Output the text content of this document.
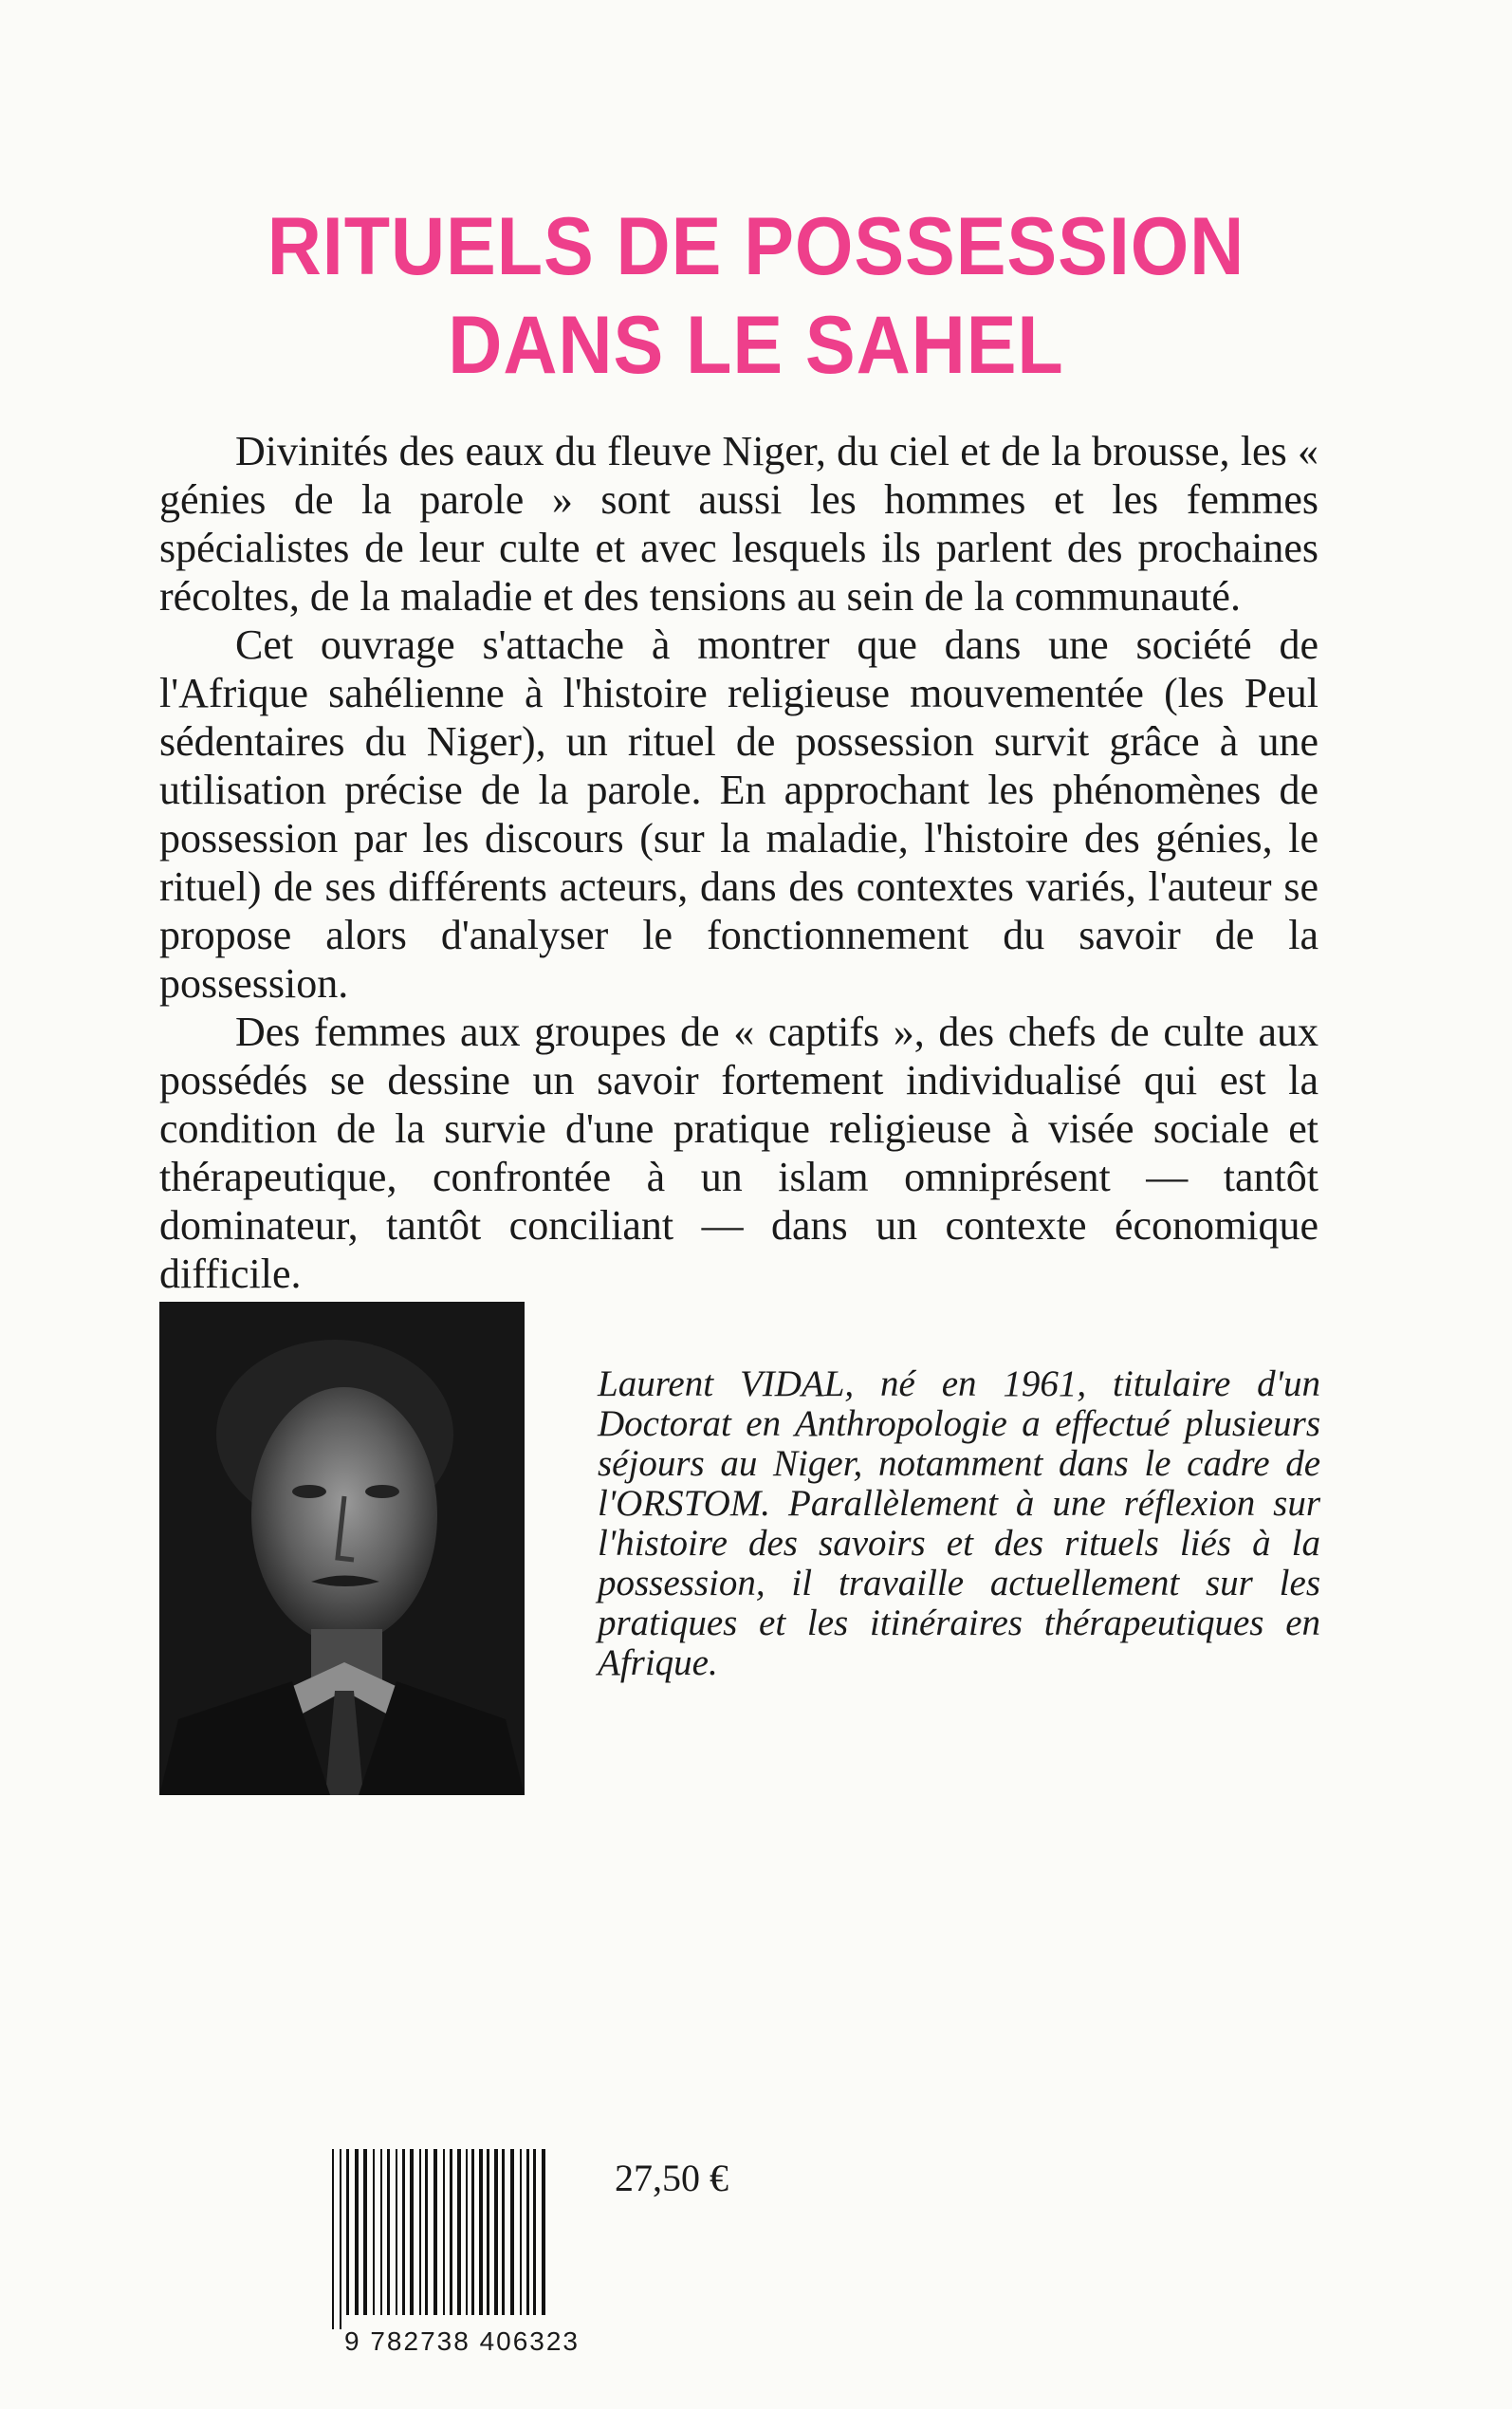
RITUELS DE POSSESSION
DANS LE SAHEL

Divinités des eaux du fleuve Niger, du ciel et de la brousse, les « génies de la parole » sont aussi les hommes et les femmes spécialistes de leur culte et avec lesquels ils parlent des prochaines récoltes, de la maladie et des tensions au sein de la communauté.

Cet ouvrage s'attache à montrer que dans une société de l'Afrique sahélienne à l'histoire religieuse mouvementée (les Peul sédentaires du Niger), un rituel de possession survit grâce à une utilisation précise de la parole. En approchant les phénomènes de possession par les discours (sur la maladie, l'histoire des génies, le rituel) de ses différents acteurs, dans des contextes variés, l'auteur se propose alors d'analyser le fonctionnement du savoir de la possession.

Des femmes aux groupes de « captifs », des chefs de culte aux possédés se dessine un savoir fortement individualisé qui est la condition de la survie d'une pratique religieuse à visée sociale et thérapeutique, confrontée à un islam omniprésent — tantôt dominateur, tantôt conciliant — dans un contexte économique difficile.

Laurent VIDAL, né en 1961, titulaire d'un Doctorat en Anthropologie a effectué plusieurs séjours au Niger, notamment dans le cadre de l'ORSTOM. Parallèlement à une réflexion sur l'histoire des savoirs et des rituels liés à la possession, il travaille actuellement sur les pratiques et les itinéraires thérapeutiques en Afrique.
9 782738 406323
27,50 €
